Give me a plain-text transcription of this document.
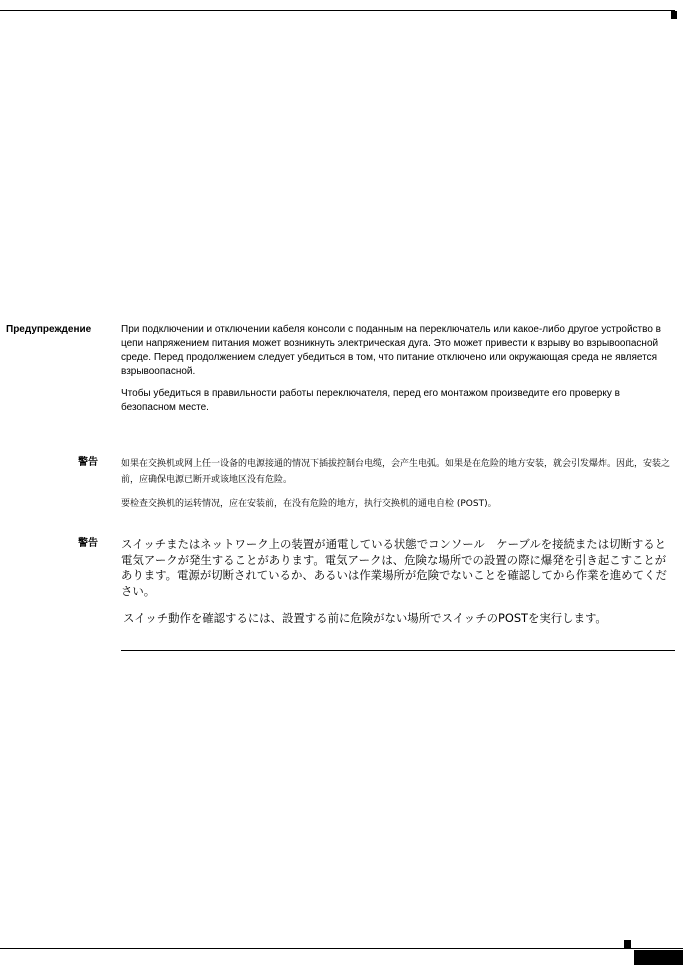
Предупреждение	При подключении и отключении кабеля консоли с поданным на переключатель или какое-либо другое устройство в цепи напряжением питания может возникнуть электрическая дуга. Это может привести к взрыву во взрывоопасной среде. Перед продолжением следует убедиться в том, что питание отключено или окружающая среда не является взрывоопасной.
Чтобы убедиться в правильности работы переключателя, перед его монтажом произведите его проверку в безопасном месте.
警告	如果在交换机或网上任一设备的电源接通的情况下插拔控制台电缆，会产生电弧。如果是在危险的地方安装，就会引发爆炸。因此，安装之前，应确保电源已断开或该地区没有危险。
要检查交换机的运转情况，应在安装前，在没有危险的地方，执行交换机的通电自检 (POST)。
警告 スイッチまたはネットワーク上の装置が通電している状態でコンソール　ケーブルを接続または切断すると電気アークが発生することがあります。電気アークは、危険な場所での設置の際に爆発を引き起こすことがあります。電源が切断されているか、あるいは作業場所が危険でないことを確認してから作業を進めてください。
スイッチ動作を確認するには、設置する前に危険がない場所でスイッチのPOSTを実行します。
